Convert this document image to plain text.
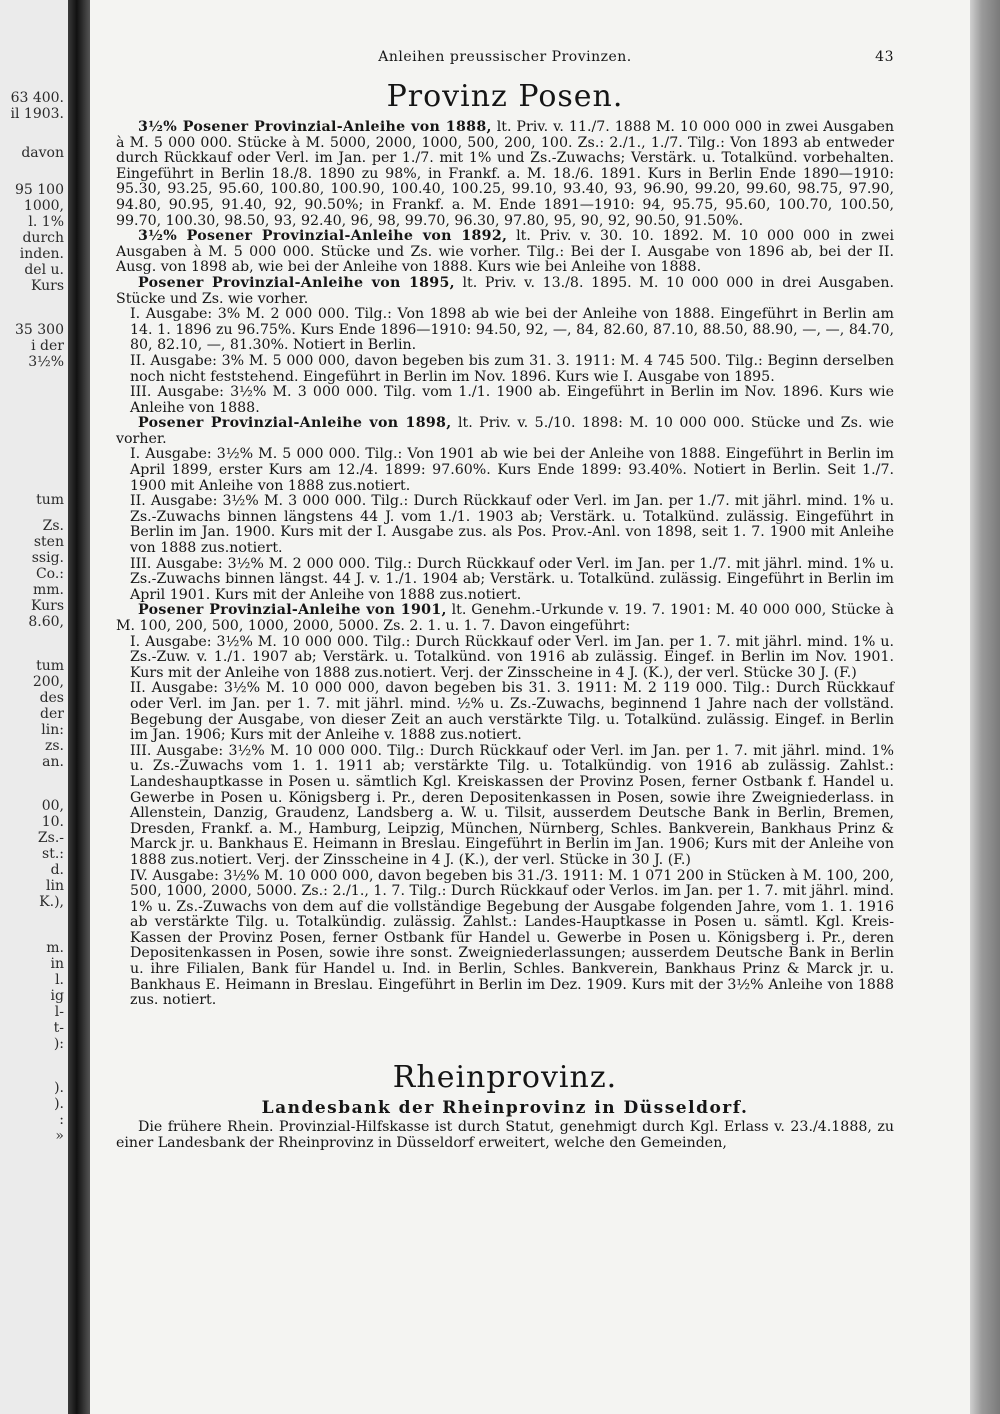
63 400.
il 1903.
davon
95 100
1000,
l. 1%
durch
inden.
del u.
Kurs
35 300
i der
3½%
tum
Zs.
sten
ssig.
Co.:
mm.
Kurs
8.60,
tum
200,
des
der
lin:
zs.
an.
00,
10.
Zs.-
st.:
d.
lin
K.),
m.
in
l.
ig
l-
t-
):
).
).
:
»
Anleihen preussischer Provinzen.	43
Provinz Posen.

3½% Posener Provinzial-Anleihe von 1888, lt. Priv. v. 11./7. 1888 M. 10 000 000 in zwei Ausgaben à M. 5 000 000. Stücke à M. 5000, 2000, 1000, 500, 200, 100. Zs.: 2./1., 1./7. Tilg.: Von 1893 ab entweder durch Rückkauf oder Verl. im Jan. per 1./7. mit 1% und Zs.-Zuwachs; Verstärk. u. Totalkünd. vorbehalten. Eingeführt in Berlin 18./8. 1890 zu 98%, in Frankf. a. M. 18./6. 1891. Kurs in Berlin Ende 1890—1910: 95.30, 93.25, 95.60, 100.80, 100.90, 100.40, 100.25, 99.10, 93.40, 93, 96.90, 99.20, 99.60, 98.75, 97.90, 94.80, 90.95, 91.40, 92, 90.50%; in Frankf. a. M. Ende 1891—1910: 94, 95.75, 95.60, 100.70, 100.50, 99.70, 100.30, 98.50, 93, 92.40, 96, 98, 99.70, 96.30, 97.80, 95, 90, 92, 90.50, 91.50%.

3½% Posener Provinzial-Anleihe von 1892, lt. Priv. v. 30. 10. 1892. M. 10 000 000 in zwei Ausgaben à M. 5 000 000. Stücke und Zs. wie vorher. Tilg.: Bei der I. Ausgabe von 1896 ab, bei der II. Ausg. von 1898 ab, wie bei der Anleihe von 1888. Kurs wie bei Anleihe von 1888.

Posener Provinzial-Anleihe von 1895, lt. Priv. v. 13./8. 1895. M. 10 000 000 in drei Ausgaben. Stücke und Zs. wie vorher.

I. Ausgabe: 3% M. 2 000 000. Tilg.: Von 1898 ab wie bei der Anleihe von 1888. Eingeführt in Berlin am 14. 1. 1896 zu 96.75%. Kurs Ende 1896—1910: 94.50, 92, —, 84, 82.60, 87.10, 88.50, 88.90, —, —, 84.70, 80, 82.10, —, 81.30%. Notiert in Berlin.

II. Ausgabe: 3% M. 5 000 000, davon begeben bis zum 31. 3. 1911: M. 4 745 500. Tilg.: Beginn derselben noch nicht feststehend. Eingeführt in Berlin im Nov. 1896. Kurs wie I. Ausgabe von 1895.

III. Ausgabe: 3½% M. 3 000 000. Tilg. vom 1./1. 1900 ab. Eingeführt in Berlin im Nov. 1896. Kurs wie Anleihe von 1888.

Posener Provinzial-Anleihe von 1898, lt. Priv. v. 5./10. 1898: M. 10 000 000. Stücke und Zs. wie vorher.

I. Ausgabe: 3½% M. 5 000 000. Tilg.: Von 1901 ab wie bei der Anleihe von 1888. Eingeführt in Berlin im April 1899, erster Kurs am 12./4. 1899: 97.60%. Kurs Ende 1899: 93.40%. Notiert in Berlin. Seit 1./7. 1900 mit Anleihe von 1888 zus.notiert.

II. Ausgabe: 3½% M. 3 000 000. Tilg.: Durch Rückkauf oder Verl. im Jan. per 1./7. mit jährl. mind. 1% u. Zs.-Zuwachs binnen längstens 44 J. vom 1./1. 1903 ab; Verstärk. u. Totalkünd. zulässig. Eingeführt in Berlin im Jan. 1900. Kurs mit der I. Ausgabe zus. als Pos. Prov.-Anl. von 1898, seit 1. 7. 1900 mit Anleihe von 1888 zus.notiert.

III. Ausgabe: 3½% M. 2 000 000. Tilg.: Durch Rückkauf oder Verl. im Jan. per 1./7. mit jährl. mind. 1% u. Zs.-Zuwachs binnen längst. 44 J. v. 1./1. 1904 ab; Verstärk. u. Totalkünd. zulässig. Eingeführt in Berlin im April 1901. Kurs mit der Anleihe von 1888 zus.notiert.

Posener Provinzial-Anleihe von 1901, lt. Genehm.-Urkunde v. 19. 7. 1901: M. 40 000 000, Stücke à M. 100, 200, 500, 1000, 2000, 5000. Zs. 2. 1. u. 1. 7. Davon eingeführt:

I. Ausgabe: 3½% M. 10 000 000. Tilg.: Durch Rückkauf oder Verl. im Jan. per 1. 7. mit jährl. mind. 1% u. Zs.-Zuw. v. 1./1. 1907 ab; Verstärk. u. Totalkünd. von 1916 ab zulässig. Eingef. in Berlin im Nov. 1901. Kurs mit der Anleihe von 1888 zus.notiert. Verj. der Zinsscheine in 4 J. (K.), der verl. Stücke 30 J. (F.)

II. Ausgabe: 3½% M. 10 000 000, davon begeben bis 31. 3. 1911: M. 2 119 000. Tilg.: Durch Rückkauf oder Verl. im Jan. per 1. 7. mit jährl. mind. ½% u. Zs.-Zuwachs, beginnend 1 Jahre nach der vollständ. Begebung der Ausgabe, von dieser Zeit an auch verstärkte Tilg. u. Totalkünd. zulässig. Eingef. in Berlin im Jan. 1906; Kurs mit der Anleihe v. 1888 zus.notiert.

III. Ausgabe: 3½% M. 10 000 000. Tilg.: Durch Rückkauf oder Verl. im Jan. per 1. 7. mit jährl. mind. 1% u. Zs.-Zuwachs vom 1. 1. 1911 ab; verstärkte Tilg. u. Totalkündig. von 1916 ab zulässig. Zahlst.: Landeshauptkasse in Posen u. sämtlich Kgl. Kreiskassen der Provinz Posen, ferner Ostbank f. Handel u. Gewerbe in Posen u. Königsberg i. Pr., deren Depositenkassen in Posen, sowie ihre Zweigniederlass. in Allenstein, Danzig, Graudenz, Landsberg a. W. u. Tilsit, ausserdem Deutsche Bank in Berlin, Bremen, Dresden, Frankf. a. M., Hamburg, Leipzig, München, Nürnberg, Schles. Bankverein, Bankhaus Prinz & Marck jr. u. Bankhaus E. Heimann in Breslau. Eingeführt in Berlin im Jan. 1906; Kurs mit der Anleihe von 1888 zus.notiert. Verj. der Zinsscheine in 4 J. (K.), der verl. Stücke in 30 J. (F.)

IV. Ausgabe: 3½% M. 10 000 000, davon begeben bis 31./3. 1911: M. 1 071 200 in Stücken à M. 100, 200, 500, 1000, 2000, 5000. Zs.: 2./1., 1. 7. Tilg.: Durch Rückkauf oder Verlos. im Jan. per 1. 7. mit jährl. mind. 1% u. Zs.-Zuwachs von dem auf die vollständige Begebung der Ausgabe folgenden Jahre, vom 1. 1. 1916 ab verstärkte Tilg. u. Totalkündig. zulässig. Zahlst.: Landes-Hauptkasse in Posen u. sämtl. Kgl. Kreis-Kassen der Provinz Posen, ferner Ostbank für Handel u. Gewerbe in Posen u. Königsberg i. Pr., deren Depositenkassen in Posen, sowie ihre sonst. Zweigniederlassungen; ausserdem Deutsche Bank in Berlin u. ihre Filialen, Bank für Handel u. Ind. in Berlin, Schles. Bankverein, Bankhaus Prinz & Marck jr. u. Bankhaus E. Heimann in Breslau. Eingeführt in Berlin im Dez. 1909. Kurs mit der 3½% Anleihe von 1888 zus. notiert.

Rheinprovinz.
Landesbank der Rheinprovinz in Düsseldorf.

Die frühere Rhein. Provinzial-Hilfskasse ist durch Statut, genehmigt durch Kgl. Erlass v. 23./4.1888, zu einer Landesbank der Rheinprovinz in Düsseldorf erweitert, welche den Gemeinden,
